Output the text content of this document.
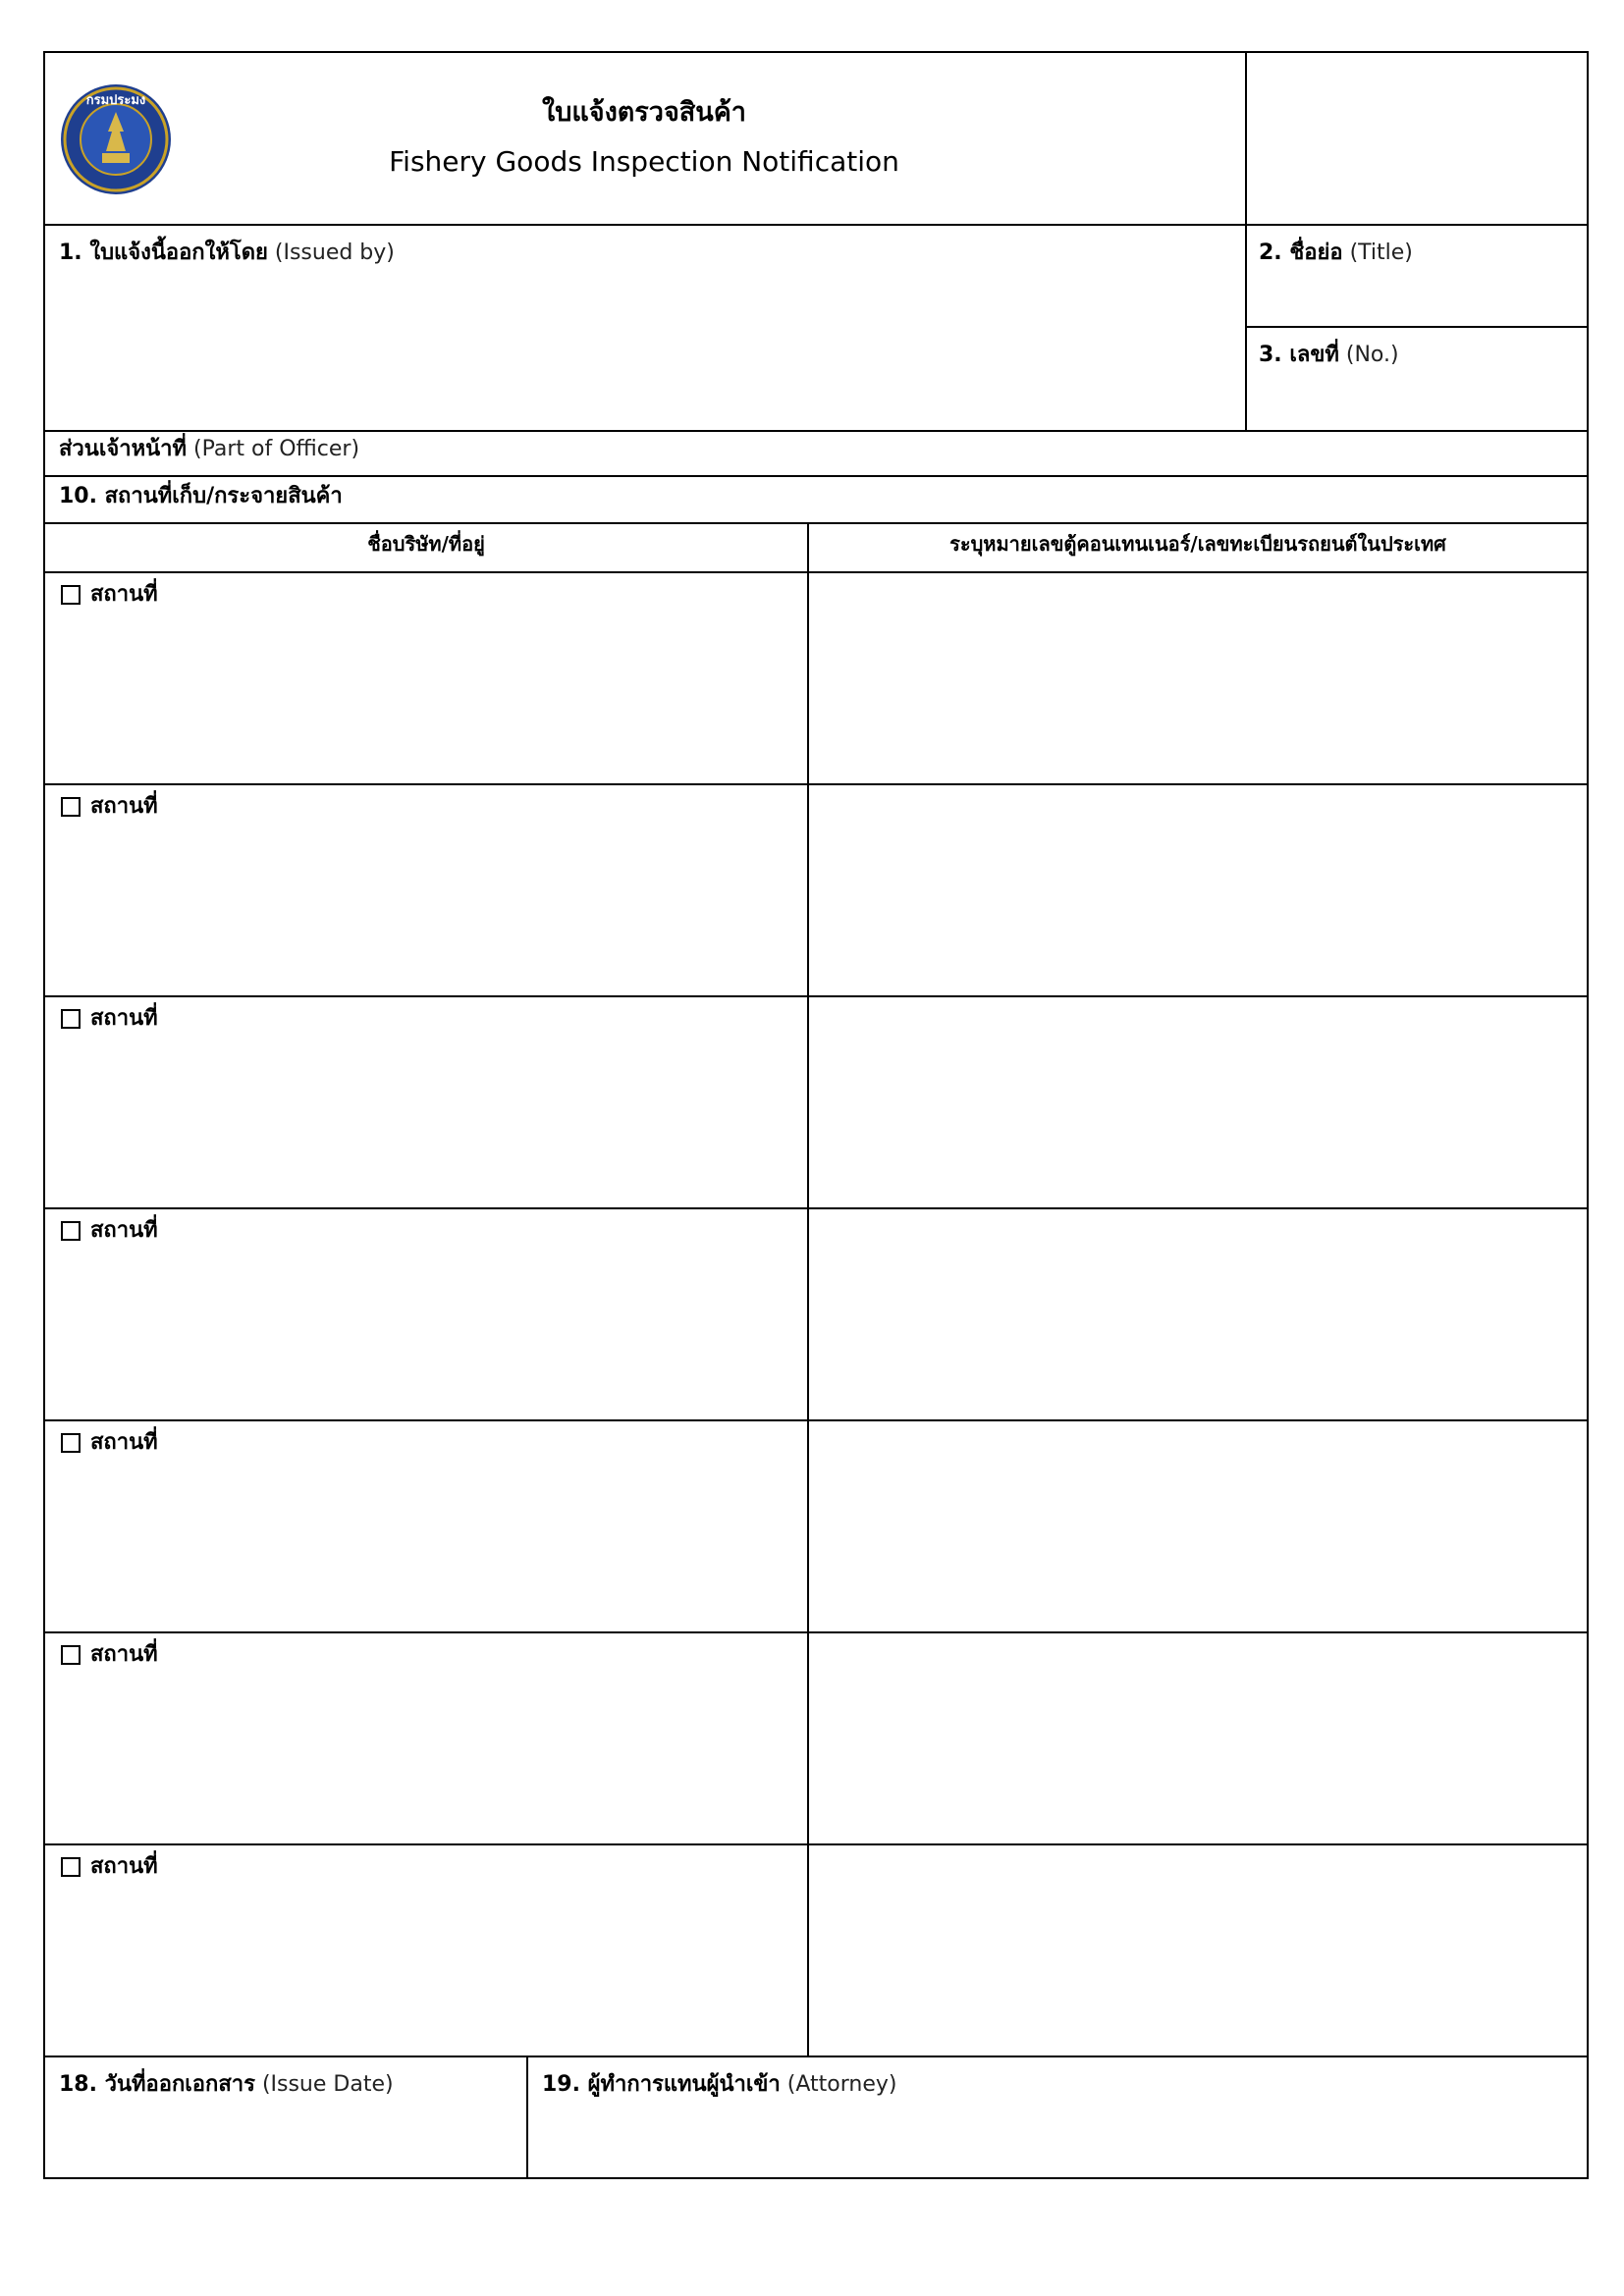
กรมประมง	ใบแจ้งตรวจสินค้า
Fishery Goods Inspection Notification
1. ใบแจ้งนี้ออกให้โดย (Issued by)	2. ชื่อย่อ (Title)
3. เลขที่ (No.)
ส่วนเจ้าหน้าที่ (Part of Officer)
10. สถานที่เก็บ/กระจายสินค้า
ชื่อบริษัท/ที่อยู่	ระบุหมายเลขตู้คอนเทนเนอร์/เลขทะเบียนรถยนต์ในประเทศ
สถานที่
สถานที่
สถานที่
สถานที่
สถานที่
สถานที่
สถานที่
18. วันที่ออกเอกสาร (Issue Date)	19. ผู้ทำการแทนผู้นำเข้า (Attorney)
